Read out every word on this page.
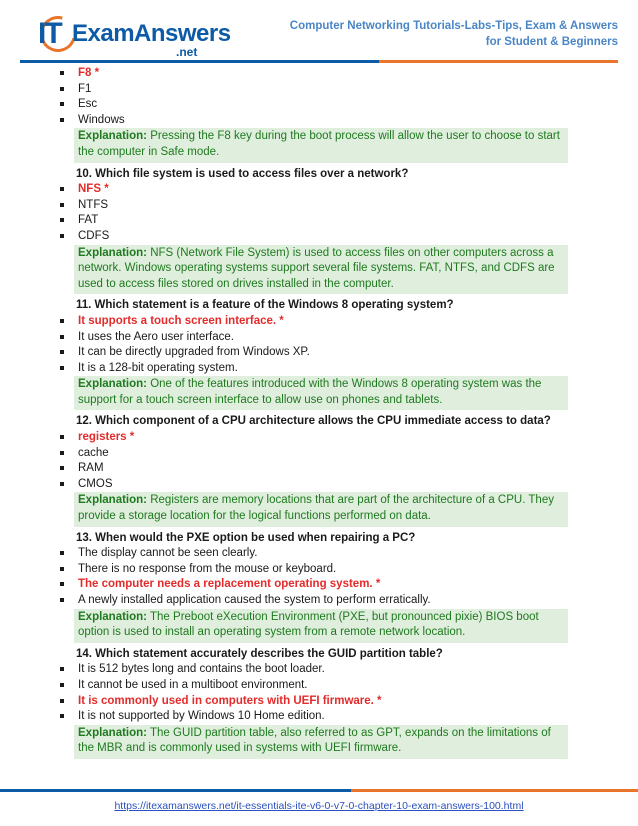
IT ExamAnswers
.net
Computer Networking Tutorials-Labs-Tips, Exam & Answers
for Student & Beginners
F8 *
F1
Esc
Windows
Explanation: Pressing the F8 key during the boot process will allow the user to choose to start the computer in Safe mode.
10. Which file system is used to access files over a network?
NFS *
NTFS
FAT
CDFS
Explanation: NFS (Network File System) is used to access files on other computers across a network. Windows operating systems support several file systems. FAT, NTFS, and CDFS are used to access files stored on drives installed in the computer.
11. Which statement is a feature of the Windows 8 operating system?
It supports a touch screen interface. *
It uses the Aero user interface.
It can be directly upgraded from Windows XP.
It is a 128-bit operating system.
Explanation: One of the features introduced with the Windows 8 operating system was the support for a touch screen interface to allow use on phones and tablets.
12. Which component of a CPU architecture allows the CPU immediate access to data?
registers *
cache
RAM
CMOS
Explanation: Registers are memory locations that are part of the architecture of a CPU. They provide a storage location for the logical functions performed on data.
13. When would the PXE option be used when repairing a PC?
The display cannot be seen clearly.
There is no response from the mouse or keyboard.
The computer needs a replacement operating system. *
A newly installed application caused the system to perform erratically.
Explanation: The Preboot eXecution Environment (PXE, but pronounced pixie) BIOS boot option is used to install an operating system from a remote network location.
14. Which statement accurately describes the GUID partition table?
It is 512 bytes long and contains the boot loader.
It cannot be used in a multiboot environment.
It is commonly used in computers with UEFI firmware. *
It is not supported by Windows 10 Home edition.
Explanation: The GUID partition table, also referred to as GPT, expands on the limitations of the MBR and is commonly used in systems with UEFI firmware.
https://itexamanswers.net/it-essentials-ite-v6-0-v7-0-chapter-10-exam-answers-100.html
